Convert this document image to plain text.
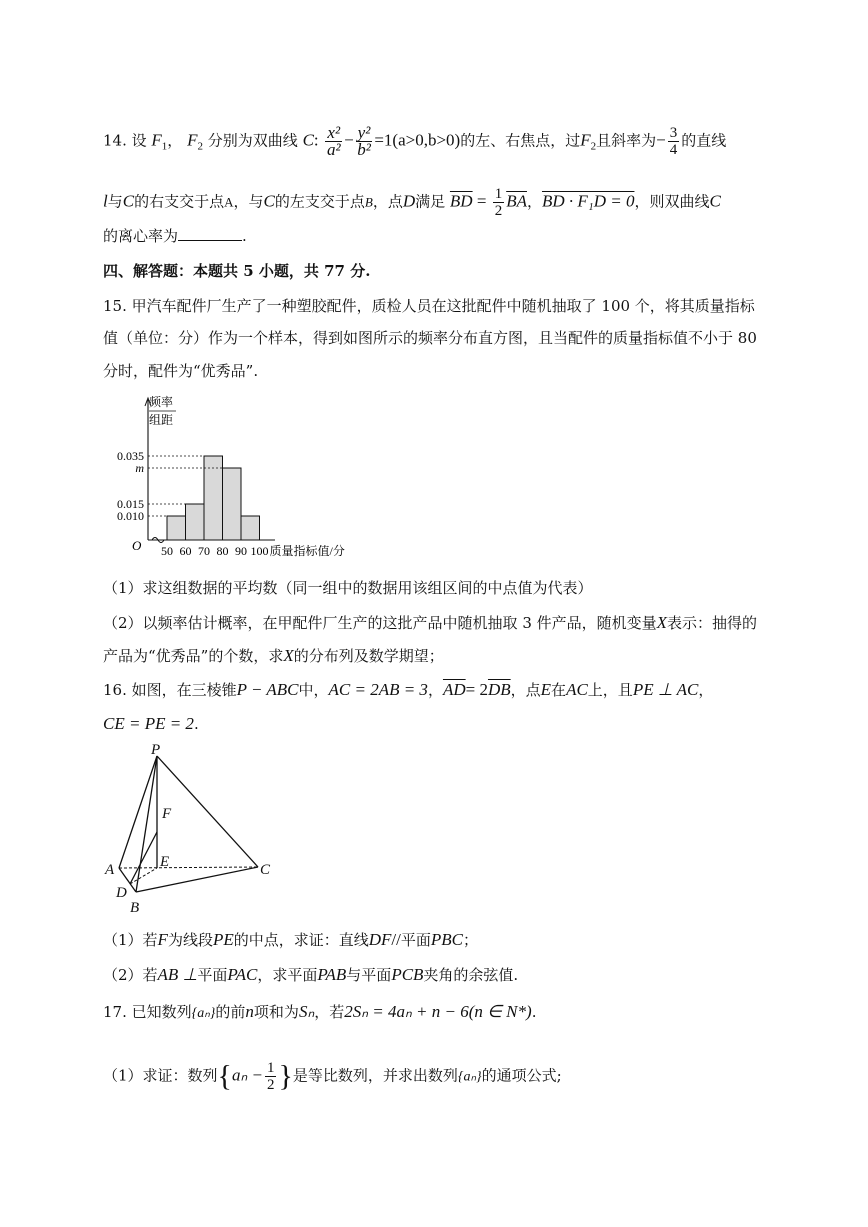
14. 设 $F_1$， $F_2$ 分别为双曲线 C: $\frac{\text{x²}}{\text{a²}} - \frac{\text{y²}}{\text{b²}} =1(a>0,b>0)$的左、右焦点，过$F_2$且斜率为− $\frac{3}{4}$ 的直线
l与C的右支交于点A，与C的左支交于点B，点D满足 $\overline{BD} = \frac{1}{2} \overline{BA}$，BD · F₁D = 0，则双曲线C
的离心率为	.
四、解答题：本题共 5 小题，共 77 分.
15. 甲汽车配件厂生产了一种塑胶配件，质检人员在这批配件中随机抽取了 100 个，将其质量指标
值（单位：分）作为一个样本，得到如图所示的频率分布直方图，且当配件的质量指标值不小于 80
分时，配件为“优秀品”.
0.035
m
0.015
0.010
50 60 70 80 90 100 质量指标值/分
O
频率
组距
（1）求这组数据的平均数（同一组中的数据用该组区间的中点值为代表）
（2）以频率估计概率，在甲配件厂生产的这批产品中随机抽取 3 件产品，随机变量X表示：抽得的
产品为“优秀品”的个数，求X的分布列及数学期望；
16. 如图，在三棱锥P − ABC中，AC = 2AB = 3，$\overline{AD}= 2\overline{DB}$，点E在AC上，且PE ⊥ AC，
CE = PE = 2.
P
F
E
A	C
D
B
（1）若F为线段PE的中点，求证：直线DF//平面PBC；
（2）若AB ⊥平面PAC，求平面PAB与平面PCB夹角的余弦值.
17. 已知数列{aₙ}的前n项和为Sₙ，若2Sₙ = 4aₙ + n − 6(n ∈ N*).
（1）求证：数列{$a_n - \frac{1}{2}$ }是等比数列，并求出数列{aₙ}的通项公式;
